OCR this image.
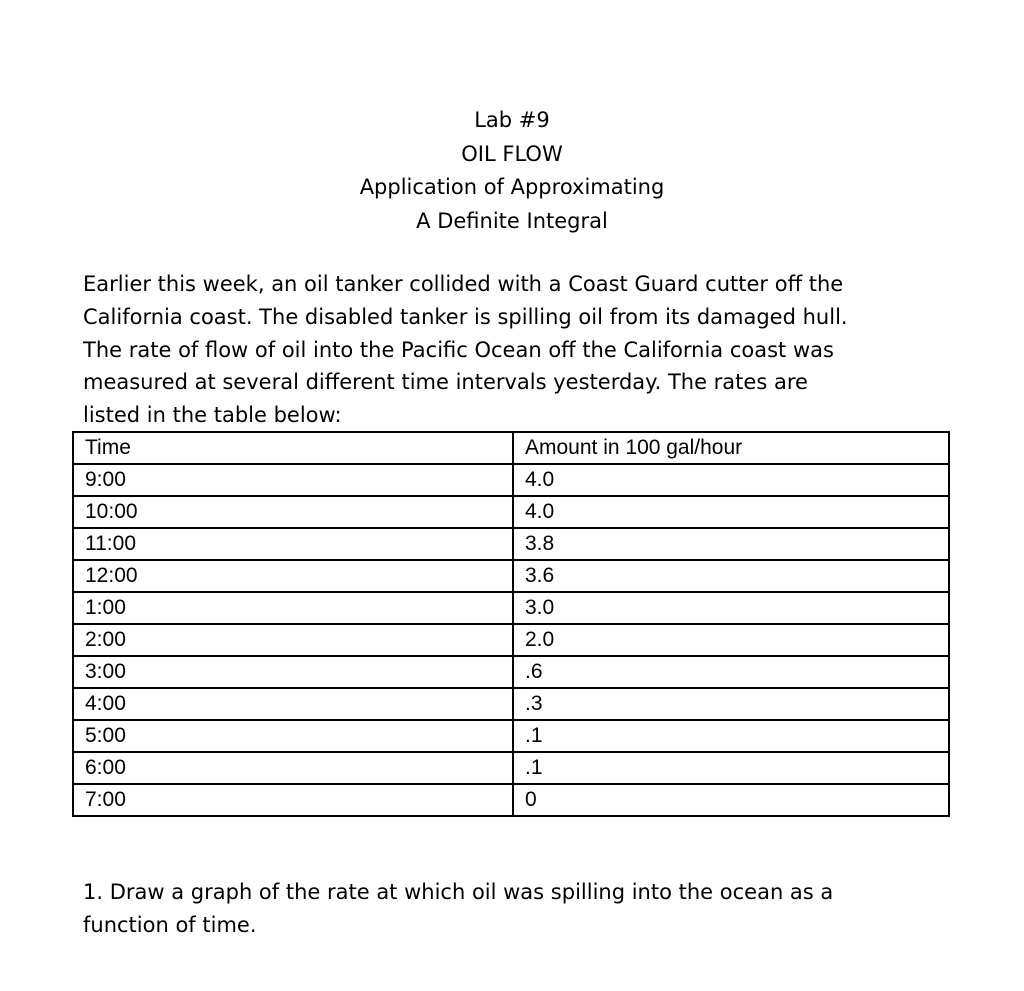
Lab #9
OIL FLOW
Application of Approximating
A Definite Integral
Earlier this week, an oil tanker collided with a Coast Guard cutter off the
California coast. The disabled tanker is spilling oil from its damaged hull.
The rate of flow of oil into the Pacific Ocean off the California coast was
measured at several different time intervals yesterday. The rates are
listed in the table below:
Time	Amount in 100 gal/hour
9:00	4.0
10:00	4.0
11:00	3.8
12:00	3.6
1:00	3.0
2:00	2.0
3:00	.6
4:00	.3
5:00	.1
6:00	.1
7:00	0
1. Draw a graph of the rate at which oil was spilling into the ocean as a
function of time.
